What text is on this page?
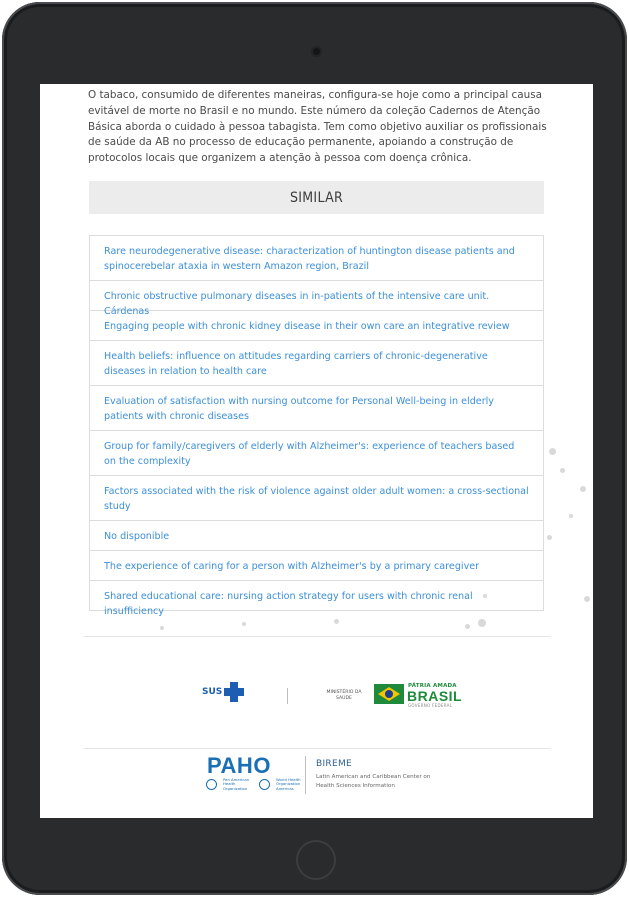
O tabaco, consumido de diferentes maneiras, configura-se hoje como a principal causa evitável de morte no Brasil e no mundo. Este número da coleção Cadernos de Atenção Básica aborda o cuidado à pessoa tabagista. Tem como objetivo auxiliar os profissionais de saúde da AB no processo de educação permanente, apoiando a construção de protocolos locais que organizem a atenção à pessoa com doença crônica.

SIMILAR
Rare neurodegenerative disease: characterization of huntington disease patients and spinocerebelar ataxia in western Amazon region, Brazil
Chronic obstructive pulmonary diseases in in-patients of the intensive care unit. Cárdenas
Engaging people with chronic kidney disease in their own care an integrative review
Health beliefs: influence on attitudes regarding carriers of chronic-degenerative diseases in relation to health care
Evaluation of satisfaction with nursing outcome for Personal Well-being in elderly patients with chronic diseases
Group for family/caregivers of elderly with Alzheimer's: experience of teachers based on the complexity
Factors associated with the risk of violence against older adult women: a cross-sectional study
No disponible
The experience of caring for a person with Alzheimer's by a primary caregiver
Shared educational care: nursing action strategy for users with chronic renal insufficiency
SUS	MINISTÉRIO DA SAÚDE
PÁTRIA AMADA
BRASIL
GOVERNO FEDERAL
PAHO
Pan American Health Organization
World Health Organization Americas
BIREME
Latin American and Caribbean Center on Health Sciences Information
